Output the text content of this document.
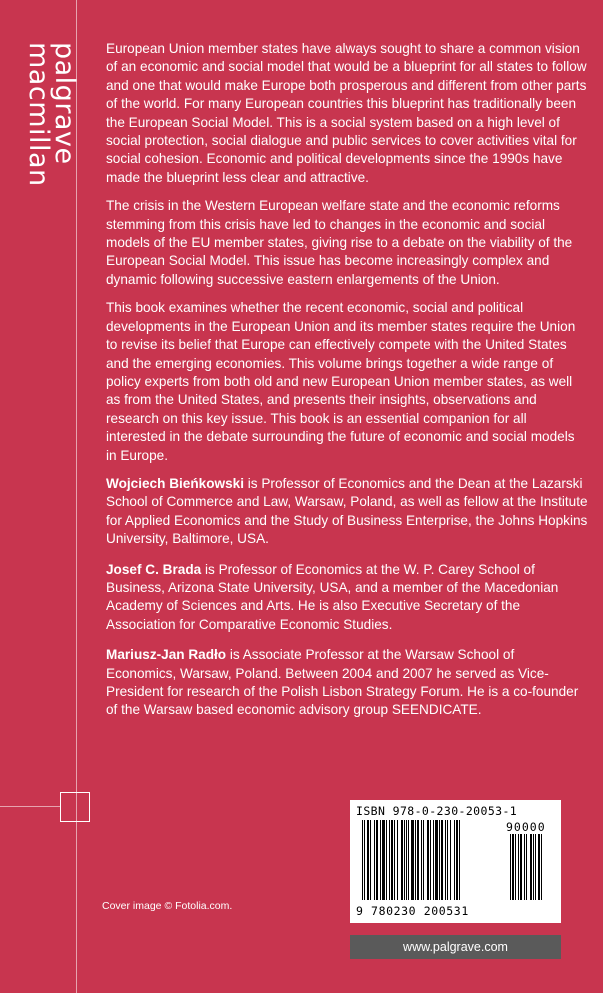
palgrave
macmillan	European Union member states have always sought to share a common vision of an economic and social model that would be a blueprint for all states to follow and one that would make Europe both prosperous and different from other parts of the world. For many European countries this blueprint has traditionally been the European Social Model. This is a social system based on a high level of social protection, social dialogue and public services to cover activities vital for social cohesion. Economic and political developments since the 1990s have made the blueprint less clear and attractive.

The crisis in the Western European welfare state and the economic reforms stemming from this crisis have led to changes in the economic and social models of the EU member states, giving rise to a debate on the viability of the European Social Model. This issue has become increasingly complex and dynamic following successive eastern enlargements of the Union.

This book examines whether the recent economic, social and political developments in the European Union and its member states require the Union to revise its belief that Europe can effectively compete with the United States and the emerging economies. This volume brings together a wide range of policy experts from both old and new European Union member states, as well as from the United States, and presents their insights, observations and research on this key issue. This book is an essential companion for all interested in the debate surrounding the future of economic and social models in Europe.

Wojciech Bieńkowski is Professor of Economics and the Dean at the Lazarski School of Commerce and Law, Warsaw, Poland, as well as fellow at the Institute for Applied Economics and the Study of Business Enterprise, the Johns Hopkins University, Baltimore, USA.

Josef C. Brada is Professor of Economics at the W. P. Carey School of Business, Arizona State University, USA, and a member of the Macedonian Academy of Sciences and Arts. He is also Executive Secretary of the Association for Comparative Economic Studies.

Mariusz-Jan Radło is Associate Professor at the Warsaw School of Economics, Warsaw, Poland. Between 2004 and 2007 he served as Vice-President for research of the Polish Lisbon Strategy Forum. He is a co-founder of the Warsaw based economic advisory group SEENDICATE.

Cover image © Fotolia.com.
ISBN 978-0-230-20053-1
90000
9 780230 200531
www.palgrave.com
